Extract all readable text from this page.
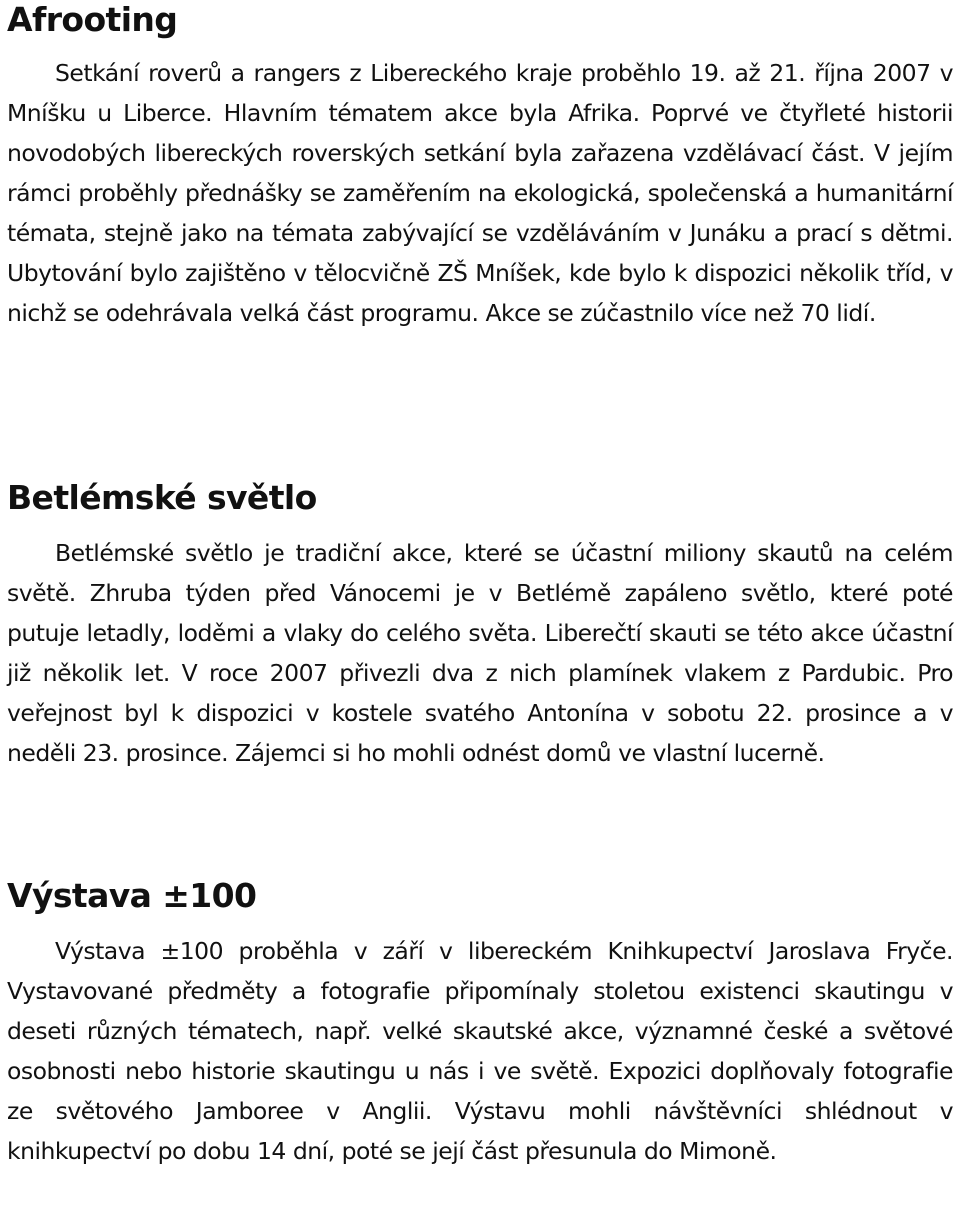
Afrooting

Setkání roverů a rangers z Libereckého kraje proběhlo 19. až 21. října 2007 v Mníšku u Liberce. Hlavním tématem akce byla Afrika. Poprvé ve čtyřleté historii novodobých libereckých roverských setkání byla zařazena vzdělávací část. V jejím rámci proběhly přednášky se zaměřením na ekologická, společenská a humanitární témata, stejně jako na témata zabývající se vzděláváním v Junáku a prací s dětmi. Ubytování bylo zajištěno v tělocvičně ZŠ Mníšek, kde bylo k dispozici několik tříd, v nichž se odehrávala velká část programu. Akce se zúčastnilo více než 70 lidí.

Betlémské světlo

Betlémské světlo je tradiční akce, které se účastní miliony skautů na celém světě. Zhruba týden před Vánocemi je v Betlémě zapáleno světlo, které poté putuje letadly, loděmi a vlaky do celého světa. Liberečtí skauti se této akce účastní již několik let. V roce 2007 přivezli dva z nich plamínek vlakem z Pardubic. Pro veřejnost byl k dispozici v kostele svatého Antonína v sobotu 22. prosince a v neděli 23. prosince. Zájemci si ho mohli odnést domů ve vlastní lucerně.

Výstava ±100

Výstava ±100 proběhla v září v libereckém Knihkupectví Jaroslava Fryče. Vystavované předměty a fotografie připomínaly stoletou existenci skautingu v deseti různých tématech, např. velké skautské akce, významné české a světové osobnosti nebo historie skautingu u nás i ve světě. Expozici doplňovaly fotografie ze světového Jamboree v Anglii. Výstavu mohli návštěvníci shlédnout v knihkupectví po dobu 14 dní, poté se její část přesunula do Mimoně.
